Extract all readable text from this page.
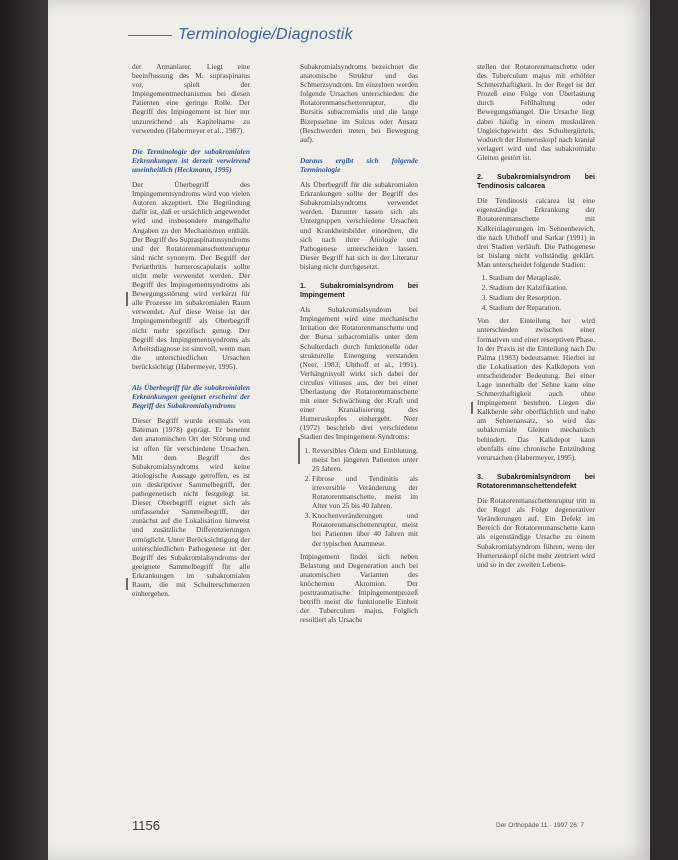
Terminologie/Diagnostik

der Armanlarer. Liegt eine beeinflussung des M. supraspinatus vor, spielt der Impingementmechanismus bei diesen Patienten eine geringe Rolle. Der Begriff des Impingement ist hier nur unzureichend als Kapitelname zu verwenden (Habermeyer et al., 1987).

Die Terminologie der subakromialen Erkrankungen ist derzeit verwirrend uneinheitlich (Heckmann, 1995)

Der Überbegriff des Impingementsyndroms wird von vielen Autoren akzeptiert. Die Begründung dafür ist, daß er ursächlich angewendet wird und insbesondere mangelhafte Angaben zu den Mechanismen enthält. Der Begriff des Supraspinatussyndroms und der Rotatorenmanschettenruptur sind nicht synonym. Der Begriff der Periarthritis humeroscapularis sollte nicht mehr verwendet werden. Der Begriff des Impingementsyndroms als Bewegungsstörung wird verkürzt für alle Prozesse im subakromialen Raum verwendet. Auf diese Weise ist der Impingementbegriff als Oberbegriff nicht mehr spezifisch genug. Der Begriff des Impingementsyndroms als Arbeitsdiagnose ist sinnvoll, wenn man die unterschiedlichen Ursachen berücksichtigt (Habermeyer, 1995).

Als Überbegriff für die subakromialen Erkrankungen geeignet erscheint der Begriff des Subakromialsyndroms

Dieser Begriff wurde erstmals von Bateman (1978) geprägt. Er benennt den anatomischen Ort der Störung und ist offen für verschiedene Ursachen. Mit dem Begriff des Subakromialsyndroms wird keine ätiologische Aussage getroffen, es ist ein deskriptiver Sammelbegriff, der pathogenetisch nicht festgelegt ist. Dieser Oberbegriff eignet sich als umfassender Sammelbegriff, der zunächst auf die Lokalisation hinweist und zusätzliche Differenzierungen ermöglicht. Unter Berücksichtigung der unterschiedlichen Pathogenese ist der Begriff des Subakromialsyndroms der geeignete Sammelbegriff für alle Erkrankungen im subakromialen Raum, die mit Schulterschmerzen einhergehen.

Subakromialsyndroms bezeichnet die anatomische Struktur und das Schmerzsyndrom. Im einzelnen werden folgende Ursachen unterschieden: die Rotatorenmanschettenruptur, die Bursitis subacromialis und die lange Bizepssehne im Sulcus oder Ansatz (Beschwerden treten bei Bewegung auf).

Daraus ergibt sich folgende Terminologie

Als Überbegriff für die subakromialen Erkrankungen sollte der Begriff des Subakromialsyndroms verwendet werden. Darunter lassen sich als Untergruppen verschiedene Ursachen und Krankheitsbilder einordnen, die sich nach ihrer Ätiologie und Pathogenese unterscheiden lassen. Dieser Begriff hat sich in der Literatur bislang nicht durchgesetzt.

1. Subakromialsyndrom bei Impingement

Als Subakromialsyndrom bei Impingement wird eine mechanische Irritation der Rotatorenmanschette und der Bursa subacromialis unter dem Schulterdach durch funktionelle oder strukturelle Einengung verstanden (Neer, 1983; Uhthoff et al., 1991). Verhängnisvoll wirkt sich dabei der circulus vitiosus aus, der bei einer Überlastung der Rotatorenmanschette mit einer Schwächung der Kraft und einer Kranialisierung des Humeruskopfes einhergeht. Neer (1972) beschrieb drei verschiedene Stadien des Impingement-Syndroms:

1. Reversibles Ödem und Einblutung, meist bei jüngeren Patienten unter 25 Jahren.
2. Fibrose und Tendinitis als irreversible Veränderung der Rotatorenmanschette, meist im Alter von 25 bis 40 Jahren.
3. Knochenveränderungen und Rotatorenmanschettenruptur, meist bei Patienten über 40 Jahren mit der typischen Anamnese.

Impingement findet sich neben Belastung und Degeneration auch bei anatomischen Varianten des knöchernen Akromion. Der posttraumatische Impingementprozeß betrifft meist die funktionelle Einheit der Tuberculum majus. Folglich resultiert als Ursache

stellen der Rotatorenmanschette oder des Tuberculum majus mit erhöhter Schmerzhaftigkeit. In der Regel ist der Prozeß eine Folge von Überlastung durch Fehlhaltung oder Bewegungsmangel. Die Ursache liegt dabei häufig in einem muskulären Ungleichgewicht des Schultergürtels, wodurch der Humeruskopf nach kranial verlagert wird und das subakromiale Gleiten gestört ist.

2. Subakromialsyndrom bei Tendinosis calcarea

Die Tendinosis calcarea ist eine eigenständige Erkrankung der Rotatorenmanschette mit Kalkeinlagerungen im Sehnenbereich, die nach Uhthoff und Sarkar (1991) in drei Stadien verläuft. Die Pathogenese ist bislang nicht vollständig geklärt. Man unterscheidet folgende Stadien:

1. Stadium der Metaplasie.
2. Stadium der Kalzifikation.
3. Stadium der Resorption.
4. Stadium der Reparation.

Von der Einteilung her wird unterschieden zwischen einer formativen und einer resorptiven Phase. In der Praxis ist die Einteilung nach De Palma (1983) bedeutsamer. Hierbei ist die Lokalisation des Kalkdepots von entscheidender Bedeutung. Bei einer Lage innerhalb der Sehne kann eine Schmerzhaftigkeit auch ohne Impingement bestehen. Liegen die Kalkherde sehr oberflächlich und nahe am Sehnenansatz, so wird das subakromiale Gleiten mechanisch behindert. Das Kalkdepot kann ebenfalls eine chronische Entzündung verursachen (Habermeyer, 1995).

3. Subakromialsyndrom bei Rotatorenmanschettendefekt

Die Rotatorenmanschettenruptur tritt in der Regel als Folge degenerativer Veränderungen auf. Ein Defekt im Bereich der Rotatorenmanschette kann als eigenständige Ursache zu einem Subakromialsyndrom führen, wenn der Humeruskopf nicht mehr zentriert wird und so in der zweiten Lebens-

1156	Der Orthopäde 11 · 1997 26: 7
